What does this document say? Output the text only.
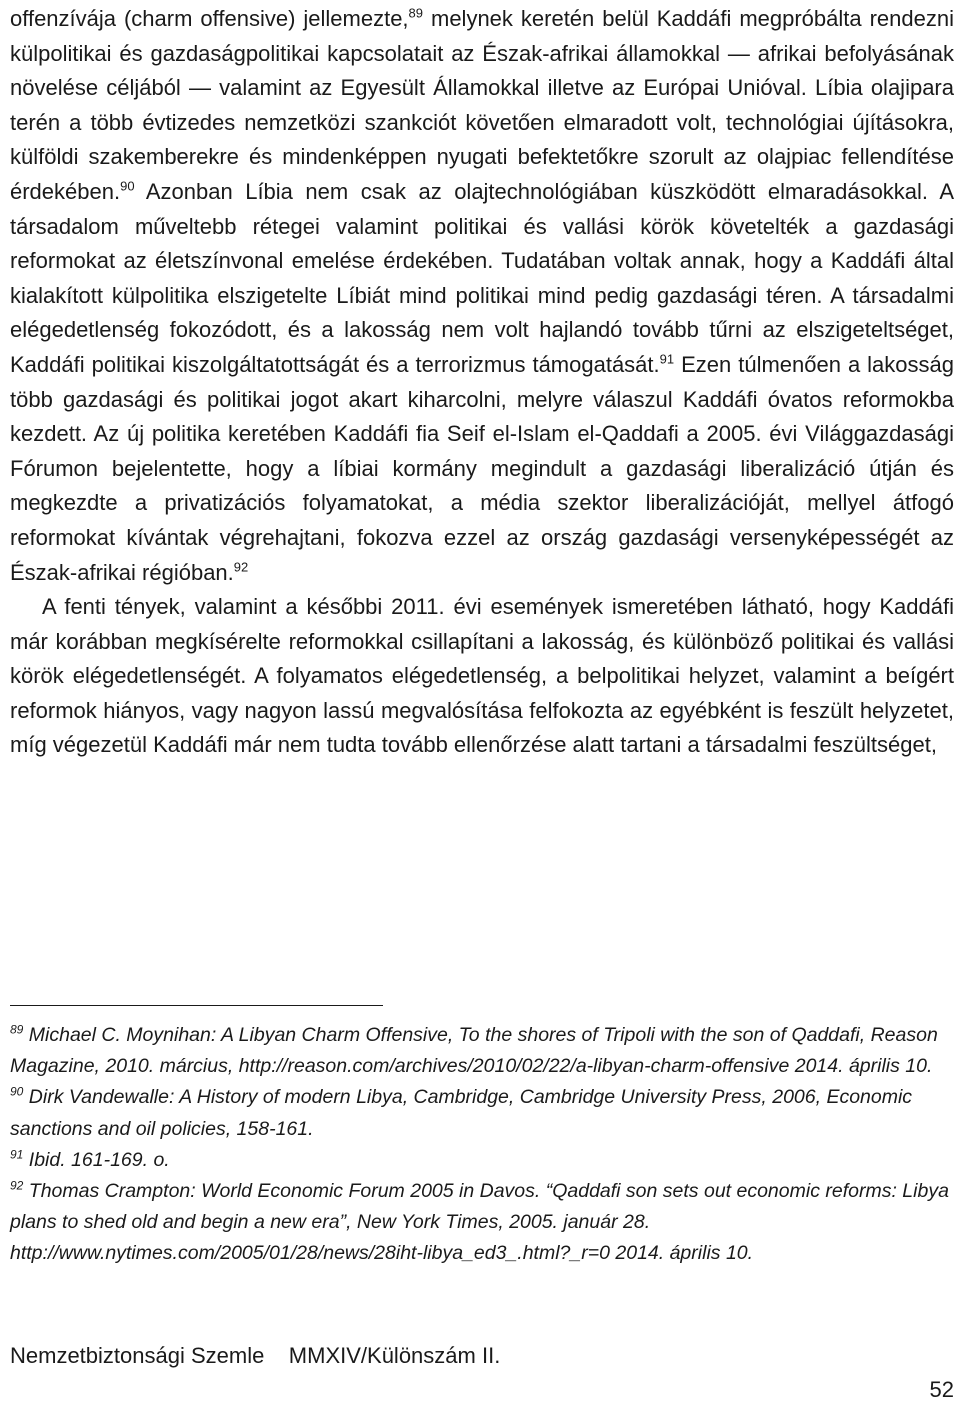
offenzívája (charm offensive) jellemezte,$^{89}$ melynek keretén belül Kaddáfi megpróbálta rendezni külpolitikai és gazdaságpolitikai kapcsolatait az Észak-afrikai államokkal — afrikai befolyásának növelése céljából — valamint az Egyesült Államokkal illetve az Európai Unióval. Líbia olajipara terén a több évtizedes nemzetközi szankciót követően elmaradott volt, technológiai újításokra, külföldi szakemberekre és mindenképpen nyugati befektetőkre szorult az olajpiac fellendítése érdekében.$^{90}$ Azonban Líbia nem csak az olajtechnológiában küszködött elmaradásokkal. A társadalom műveltebb rétegei valamint politikai és vallási körök követelték a gazdasági reformokat az életszínvonal emelése érdekében. Tudatában voltak annak, hogy a Kaddáfi által kialakított külpolitika elszigetelte Líbiát mind politikai mind pedig gazdasági téren. A társadalmi elégedetlenség fokozódott, és a lakosság nem volt hajlandó tovább tűrni az elszigeteltséget, Kaddáfi politikai kiszolgáltatottságát és a terrorizmus támogatását.$^{91}$ Ezen túlmenően a lakosság több gazdasági és politikai jogot akart kiharcolni, melyre válaszul Kaddáfi óvatos reformokba kezdett. Az új politika keretében Kaddáfi fia Seif el-Islam el-Qaddafi a 2005. évi Világgazdasági Fórumon bejelentette, hogy a líbiai kormány megindult a gazdasági liberalizáció útján és megkezdte a privatizációs folyamatokat, a média szektor liberalizációját, mellyel átfogó reformokat kívántak végrehajtani, fokozva ezzel az ország gazdasági versenyképességét az Észak-afrikai régióban.$^{92}$

A fenti tények, valamint a későbbi 2011. évi események ismeretében látható, hogy Kaddáfi már korábban megkísérelte reformokkal csillapítani a lakosság, és különböző politikai és vallási körök elégedetlenségét. A folyamatos elégedetlenség, a belpolitikai helyzet, valamint a beígért reformok hiányos, vagy nagyon lassú megvalósítása felfokozta az egyébként is feszült helyzetet, míg végezetül Kaddáfi már nem tudta tovább ellenőrzése alatt tartani a társadalmi feszültséget,

$^{89}$ Michael C. Moynihan: A Libyan Charm Offensive, To the shores of Tripoli with the son of Qaddafi, Reason Magazine, 2010. március, http://reason.com/archives/2010/02/22/a-libyan-charm-offensive 2014. április 10.

$^{90}$ Dirk Vandewalle: A History of modern Libya, Cambridge, Cambridge University Press, 2006, Economic sanctions and oil policies, 158-161.

$^{91}$ Ibid. 161-169. o.

$^{92}$ Thomas Crampton: World Economic Forum 2005 in Davos. “Qaddafi son sets out economic reforms: Libya plans to shed old and begin a new era”, New York Times, 2005. január 28. http://www.nytimes.com/2005/01/28/news/28iht-libya_ed3_.html?_r=0 2014. április 10.

Nemzetbiztonsági Szemle MMXIV/Különszám II.
52
